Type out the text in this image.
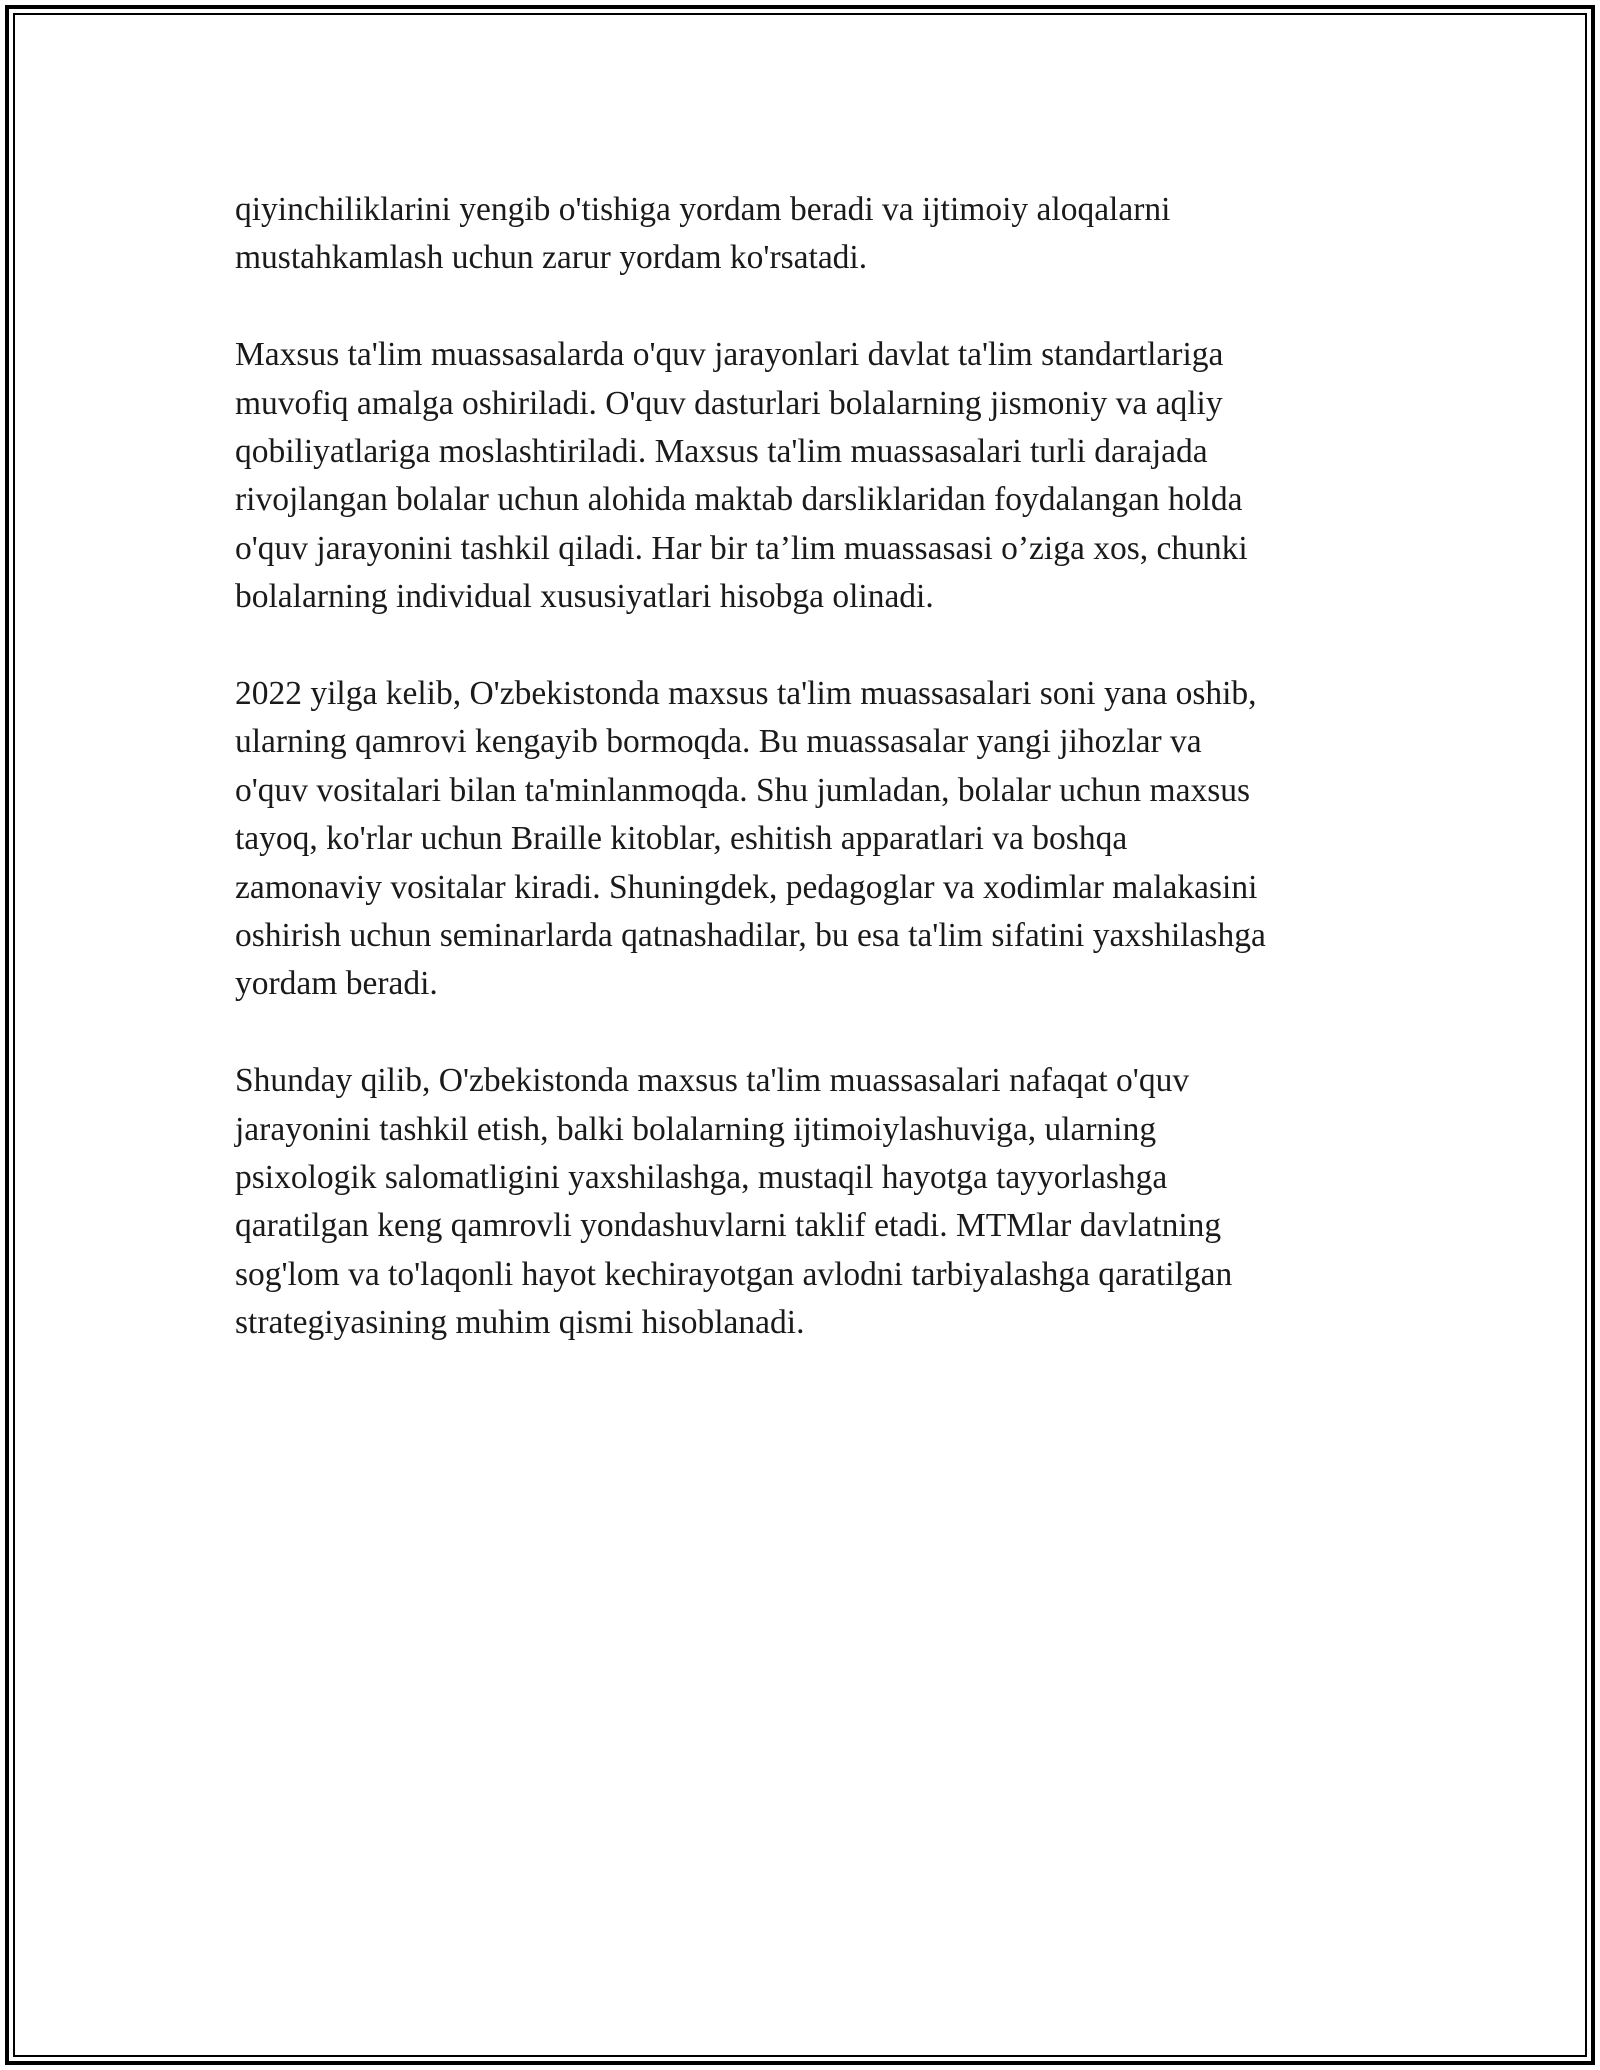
qiyinchiliklarini yengib o'tishiga yordam beradi va ijtimoiy aloqalarni
mustahkamlash uchun zarur yordam ko'rsatadi.

Maxsus ta'lim muassasalarda o'quv jarayonlari davlat ta'lim standartlariga
muvofiq amalga oshiriladi. O'quv dasturlari bolalarning jismoniy va aqliy
qobiliyatlariga moslashtiriladi. Maxsus ta'lim muassasalari turli darajada
rivojlangan bolalar uchun alohida maktab darsliklaridan foydalangan holda
o'quv jarayonini tashkil qiladi. Har bir ta’lim muassasasi o’ziga xos, chunki
bolalarning individual xususiyatlari hisobga olinadi.

2022 yilga kelib, O'zbekistonda maxsus ta'lim muassasalari soni yana oshib,
ularning qamrovi kengayib bormoqda. Bu muassasalar yangi jihozlar va
o'quv vositalari bilan ta'minlanmoqda. Shu jumladan, bolalar uchun maxsus
tayoq, ko'rlar uchun Braille kitoblar, eshitish apparatlari va boshqa
zamonaviy vositalar kiradi. Shuningdek, pedagoglar va xodimlar malakasini
oshirish uchun seminarlarda qatnashadilar, bu esa ta'lim sifatini yaxshilashga
yordam beradi.

Shunday qilib, O'zbekistonda maxsus ta'lim muassasalari nafaqat o'quv
jarayonini tashkil etish, balki bolalarning ijtimoiylashuviga, ularning
psixologik salomatligini yaxshilashga, mustaqil hayotga tayyorlashga
qaratilgan keng qamrovli yondashuvlarni taklif etadi. MTMlar davlatning
sog'lom va to'laqonli hayot kechirayotgan avlodni tarbiyalashga qaratilgan
strategiyasining muhim qismi hisoblanadi.
